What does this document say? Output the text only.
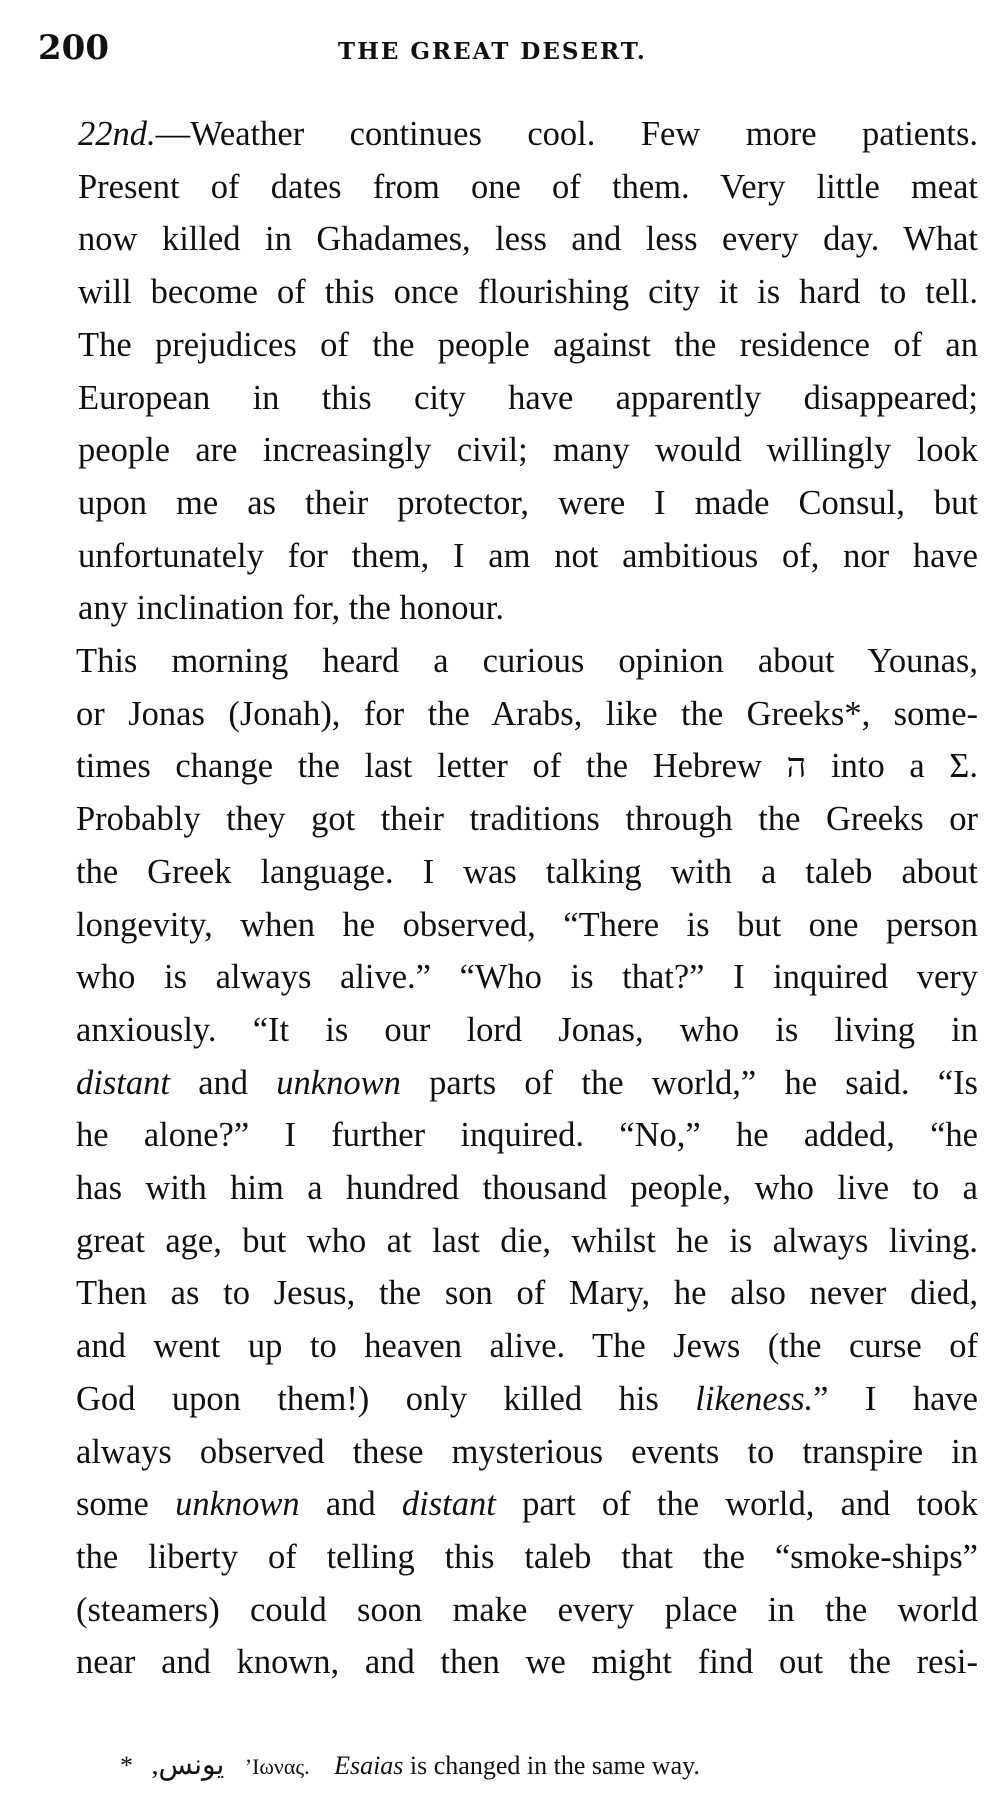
200	THE GREAT DESERT.

22nd.—Weather continues cool. Few more patients.
Present of dates from one of them. Very little meat
now killed in Ghadames, less and less every day. What
will become of this once flourishing city it is hard to tell.
The prejudices of the people against the residence of an
European in this city have apparently disappeared;
people are increasingly civil; many would willingly look
upon me as their protector, were I made Consul, but
unfortunately for them, I am not ambitious of, nor have
any inclination for, the honour.

This morning heard a curious opinion about Younas,
or Jonas (Jonah), for the Arabs, like the Greeks*, some-
times change the last letter of the Hebrew ה into a Σ.
Probably they got their traditions through the Greeks or
the Greek language. I was talking with a taleb about
longevity, when he observed, “There is but one person
who is always alive.” “Who is that?” I inquired very
anxiously. “It is our lord Jonas, who is living in
distant and unknown parts of the world,” he said. “Is
he alone?” I further inquired. “No,” he added, “he
has with him a hundred thousand people, who live to a
great age, but who at last die, whilst he is always living.
Then as to Jesus, the son of Mary, he also never died,
and went up to heaven alive. The Jews (the curse of
God upon them!) only killed his likeness.” I have
always observed these mysterious events to transpire in
some unknown and distant part of the world, and took
the liberty of telling this taleb that the “smoke-ships”
(steamers) could soon make every place in the world
near and known, and then we might find out the resi-

* يونس, ’Ιωνας. Esaias is changed in the same way.
